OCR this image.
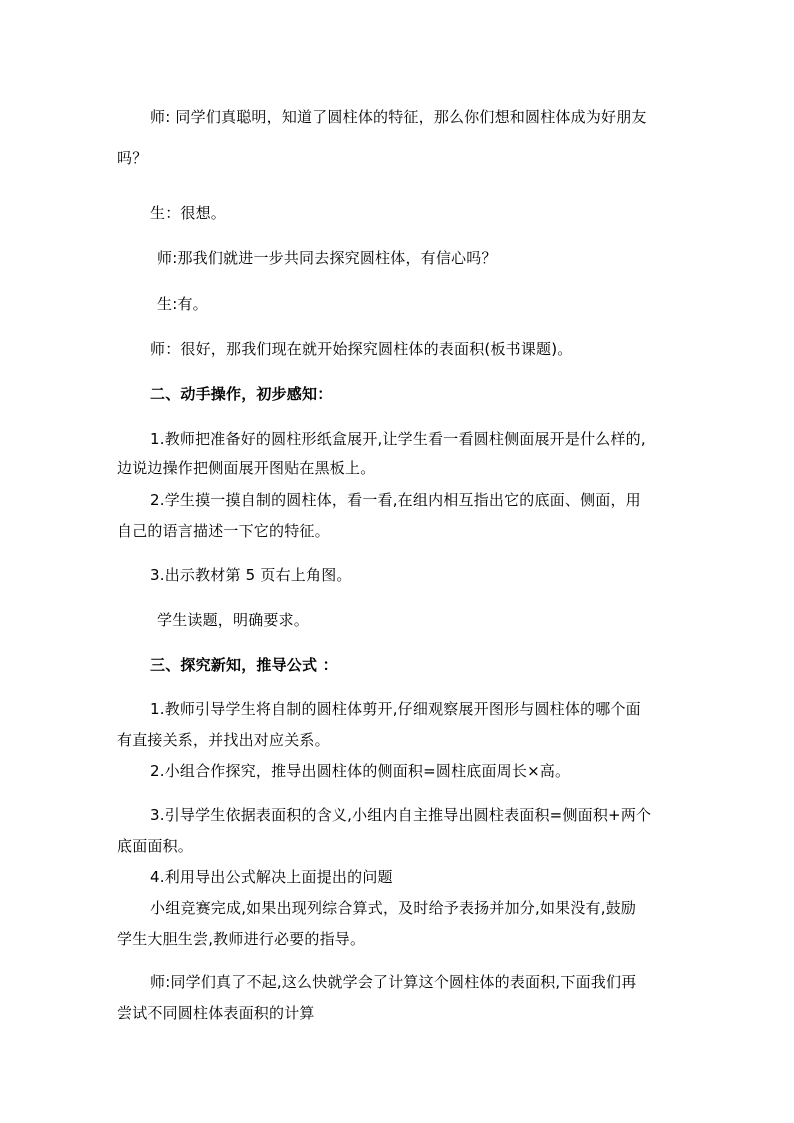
师: 同学们真聪明，知道了圆柱体的特征，那么你们想和圆柱体成为好朋友
吗？
生：很想。
师:那我们就进一步共同去探究圆柱体，有信心吗？
生:有。
师：很好，那我们现在就开始探究圆柱体的表面积(板书课题)。
二、动手操作，初步感知：
1.教师把准备好的圆柱形纸盒展开,让学生看一看圆柱侧面展开是什么样的,
边说边操作把侧面展开图贴在黑板上。
2.学生摸一摸自制的圆柱体，看一看,在组内相互指出它的底面、侧面，用
自己的语言描述一下它的特征。
3.出示教材第 5 页右上角图。
学生读题，明确要求。
三、探究新知，推导公式 ：
1.教师引导学生将自制的圆柱体剪开,仔细观察展开图形与圆柱体的哪个面
有直接关系，并找出对应关系。
2.小组合作探究，推导出圆柱体的侧面积=圆柱底面周长×高。
3.引导学生依据表面积的含义,小组内自主推导出圆柱表面积=侧面积+两个
底面面积。
4.利用导出公式解决上面提出的问题
小组竞赛完成,如果出现列综合算式，及时给予表扬并加分,如果没有,鼓励
学生大胆生尝,教师进行必要的指导。
师:同学们真了不起,这么快就学会了计算这个圆柱体的表面积,下面我们再
尝试不同圆柱体表面积的计算
